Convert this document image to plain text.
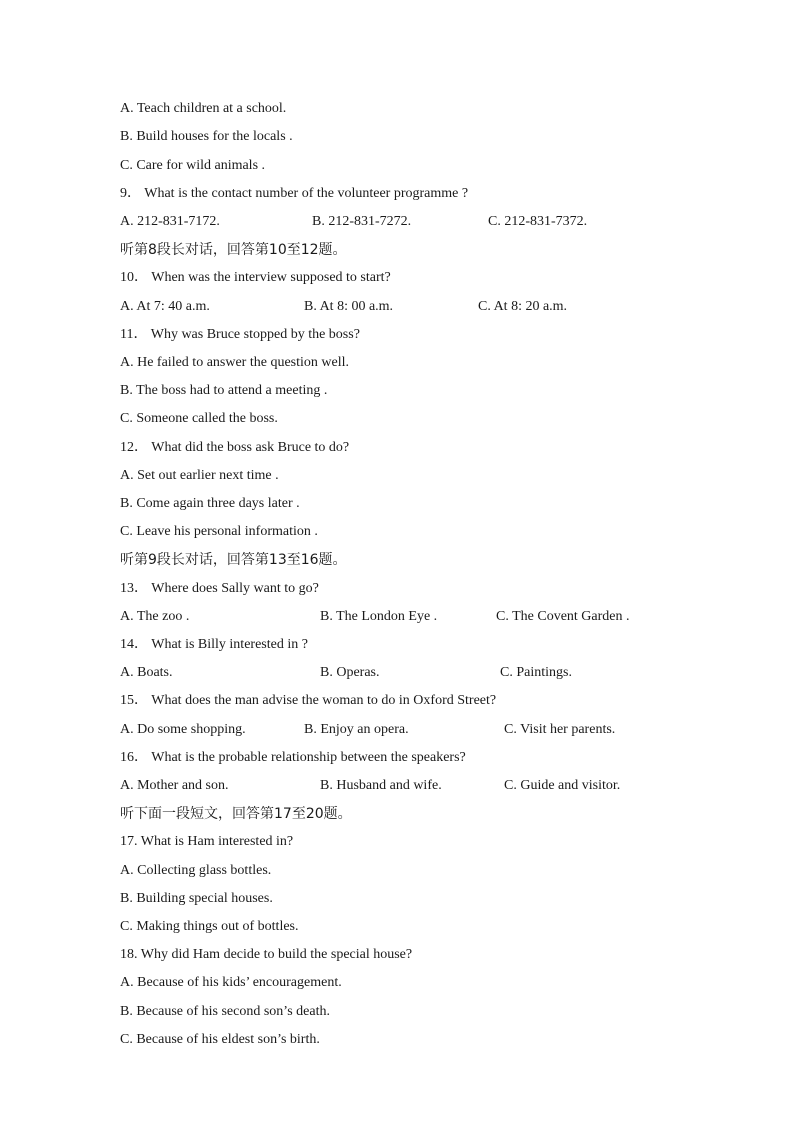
A. Teach children at a school.
B. Build houses for the locals .
C. Care for wild animals .
9． What is the contact number of the volunteer programme ?
A. 212-831-7172.	B. 212-831-7272.	C. 212-831-7372.
听第8段长对话，回答第10至12题。
10． When was the interview supposed to start?
A. At 7: 40 a.m.	B. At 8: 00 a.m.	C. At 8: 20 a.m.
11． Why was Bruce stopped by the boss?
A. He failed to answer the question well.
B. The boss had to attend a meeting .
C. Someone called the boss.
12． What did the boss ask Bruce to do?
A. Set out earlier next time .
B. Come again three days later .
C. Leave his personal information .
听第9段长对话，回答第13至16题。
13． Where does Sally want to go?
A. The zoo .	B. The London Eye .	C. The Covent Garden .
14． What is Billy interested in ?
A. Boats.	B. Operas.	C. Paintings.
15． What does the man advise the woman to do in Oxford Street?
A. Do some shopping.	B. Enjoy an opera.	C. Visit her parents.
16． What is the probable relationship between the speakers?
A. Mother and son.	B. Husband and wife.	C. Guide and visitor.
听下面一段短文，回答第17至20题。
17. What is Ham interested in?
A. Collecting glass bottles.
B. Building special houses.
C. Making things out of bottles.
18. Why did Ham decide to build the special house?
A. Because of his kids’ encouragement.
B. Because of his second son’s death.
C. Because of his eldest son’s birth.
